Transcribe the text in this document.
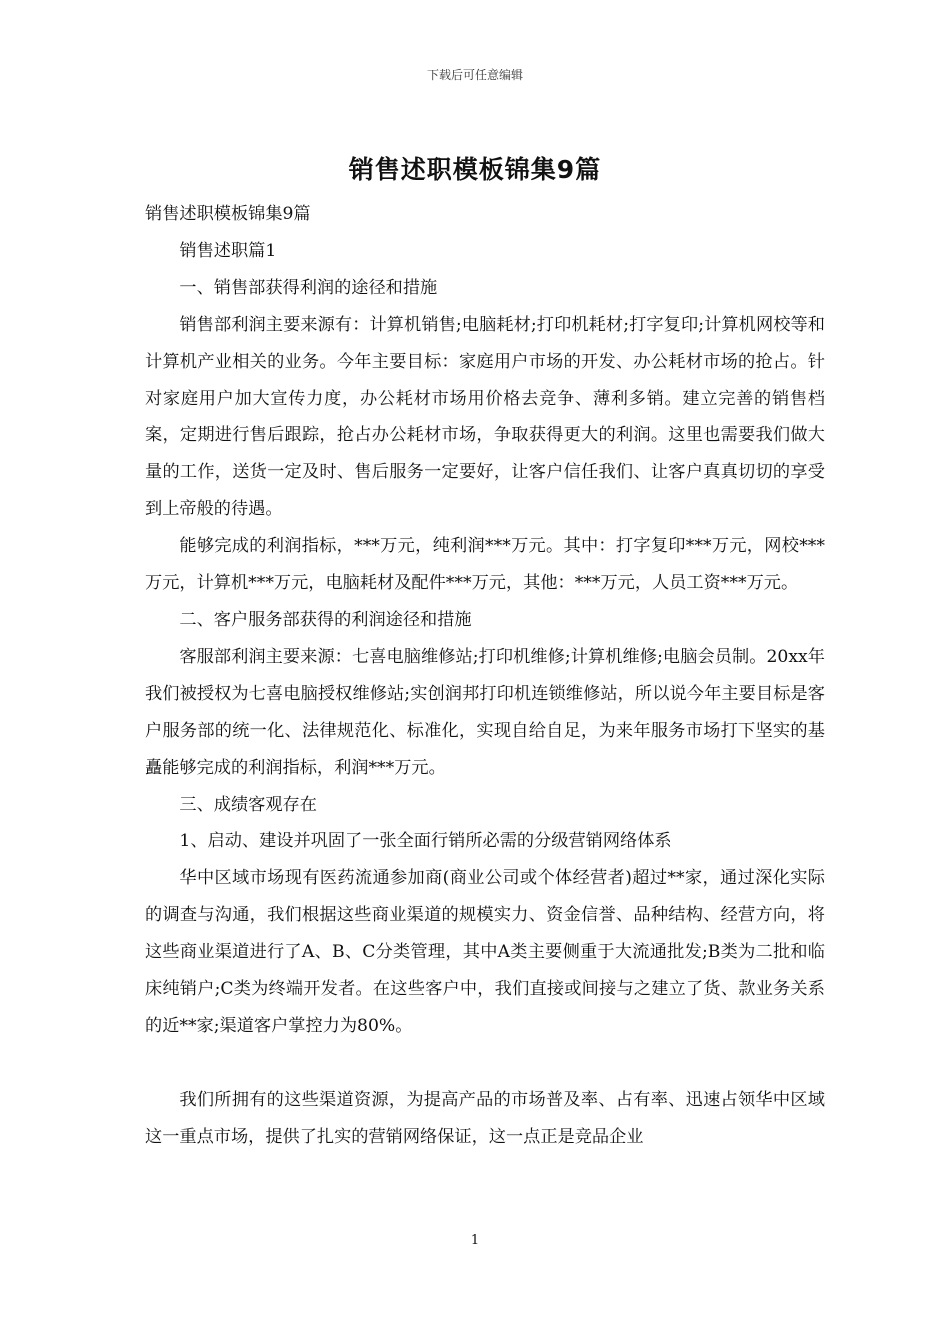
下载后可任意编辑
销售述职模板锦集9篇

销售述职模板锦集9篇

销售述职篇1

一、销售部获得利润的途径和措施

销售部利润主要来源有：计算机销售;电脑耗材;打印机耗材;打字复印;计算机网校等和计算机产业相关的业务。今年主要目标：家庭用户市场的开发、办公耗材市场的抢占。针对家庭用户加大宣传力度，办公耗材市场用价格去竞争、薄利多销。建立完善的销售档案，定期进行售后跟踪，抢占办公耗材市场，争取获得更大的利润。这里也需要我们做大量的工作，送货一定及时、售后服务一定要好，让客户信任我们、让客户真真切切的享受到上帝般的待遇。

能够完成的利润指标，***万元，纯利润***万元。其中：打字复印***万元，网校***万元，计算机***万元，电脑耗材及配件***万元，其他：***万元，人员工资***万元。

二、客户服务部获得的利润途径和措施

客服部利润主要来源：七喜电脑维修站;打印机维修;计算机维修;电脑会员制。20xx年我们被授权为七喜电脑授权维修站;实创润邦打印机连锁维修站，所以说今年主要目标是客户服务部的统一化、法律规范化、标准化，实现自给自足，为来年服务市场打下坚实的基矗能够完成的利润指标，利润***万元。

三、成绩客观存在

1、启动、建设并巩固了一张全面行销所必需的分级营销网络体系

华中区域市场现有医药流通参加商(商业公司或个体经营者)超过**家，通过深化实际的调查与沟通，我们根据这些商业渠道的规模实力、资金信誉、品种结构、经营方向，将这些商业渠道进行了A、B、C分类管理，其中A类主要侧重于大流通批发;B类为二批和临床纯销户;C类为终端开发者。在这些客户中，我们直接或间接与之建立了货、款业务关系的近**家;渠道客户掌控力为80%。

我们所拥有的这些渠道资源，为提高产品的市场普及率、占有率、迅速占领华中区域这一重点市场，提供了扎实的营销网络保证，这一点正是竞品企业

1
